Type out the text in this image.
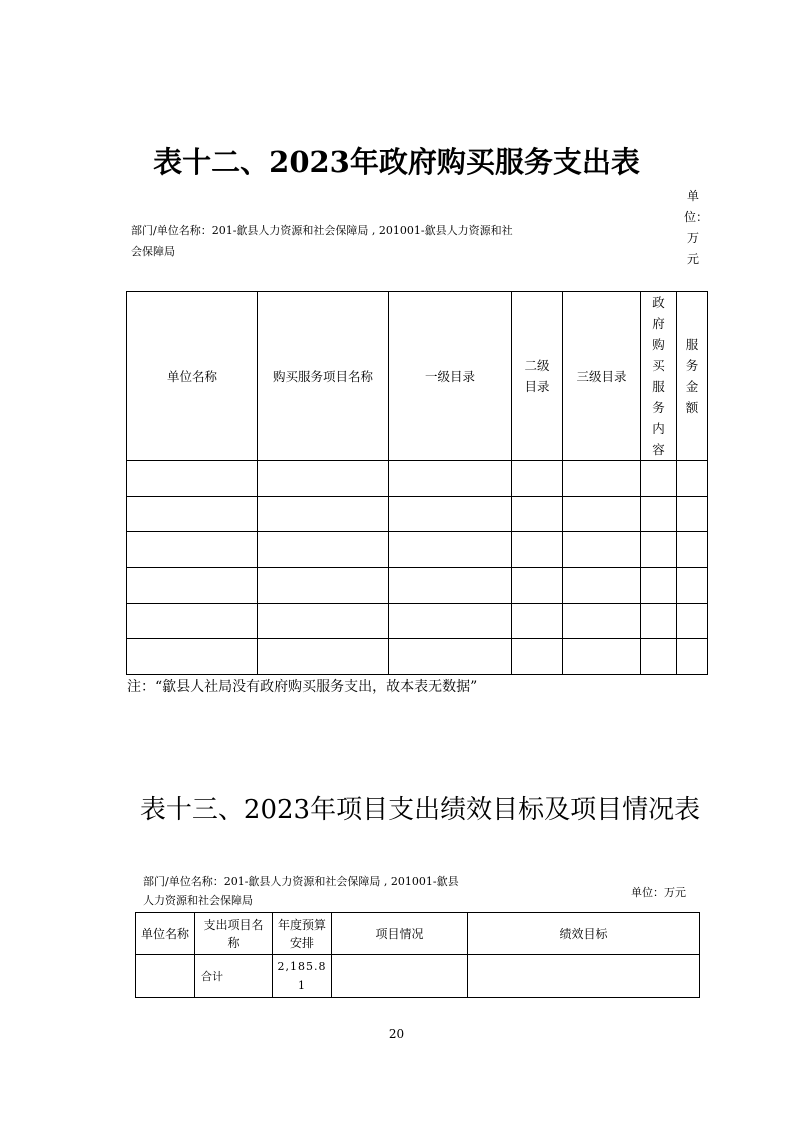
表十二、2023年政府购买服务支出表
单位：万元
部门/单位名称：201-歙县人力资源和社会保障局 , 201001-歙县人力资源和社会保障局
单位名称	购买服务项目名称	一级目录	二级目录	三级目录	政府购买服务内容	服务金额

注：“歙县人社局没有政府购买服务支出，故本表无数据”
表十三、2023年项目支出绩效目标及项目情况表
部门/单位名称：201-歙县人力资源和社会保障局 , 201001-歙县人力资源和社会保障局
单位：万元
单位名称	支出项目名称	年度预算安排	项目情况	绩效目标
	合计	2,185.81		
20
